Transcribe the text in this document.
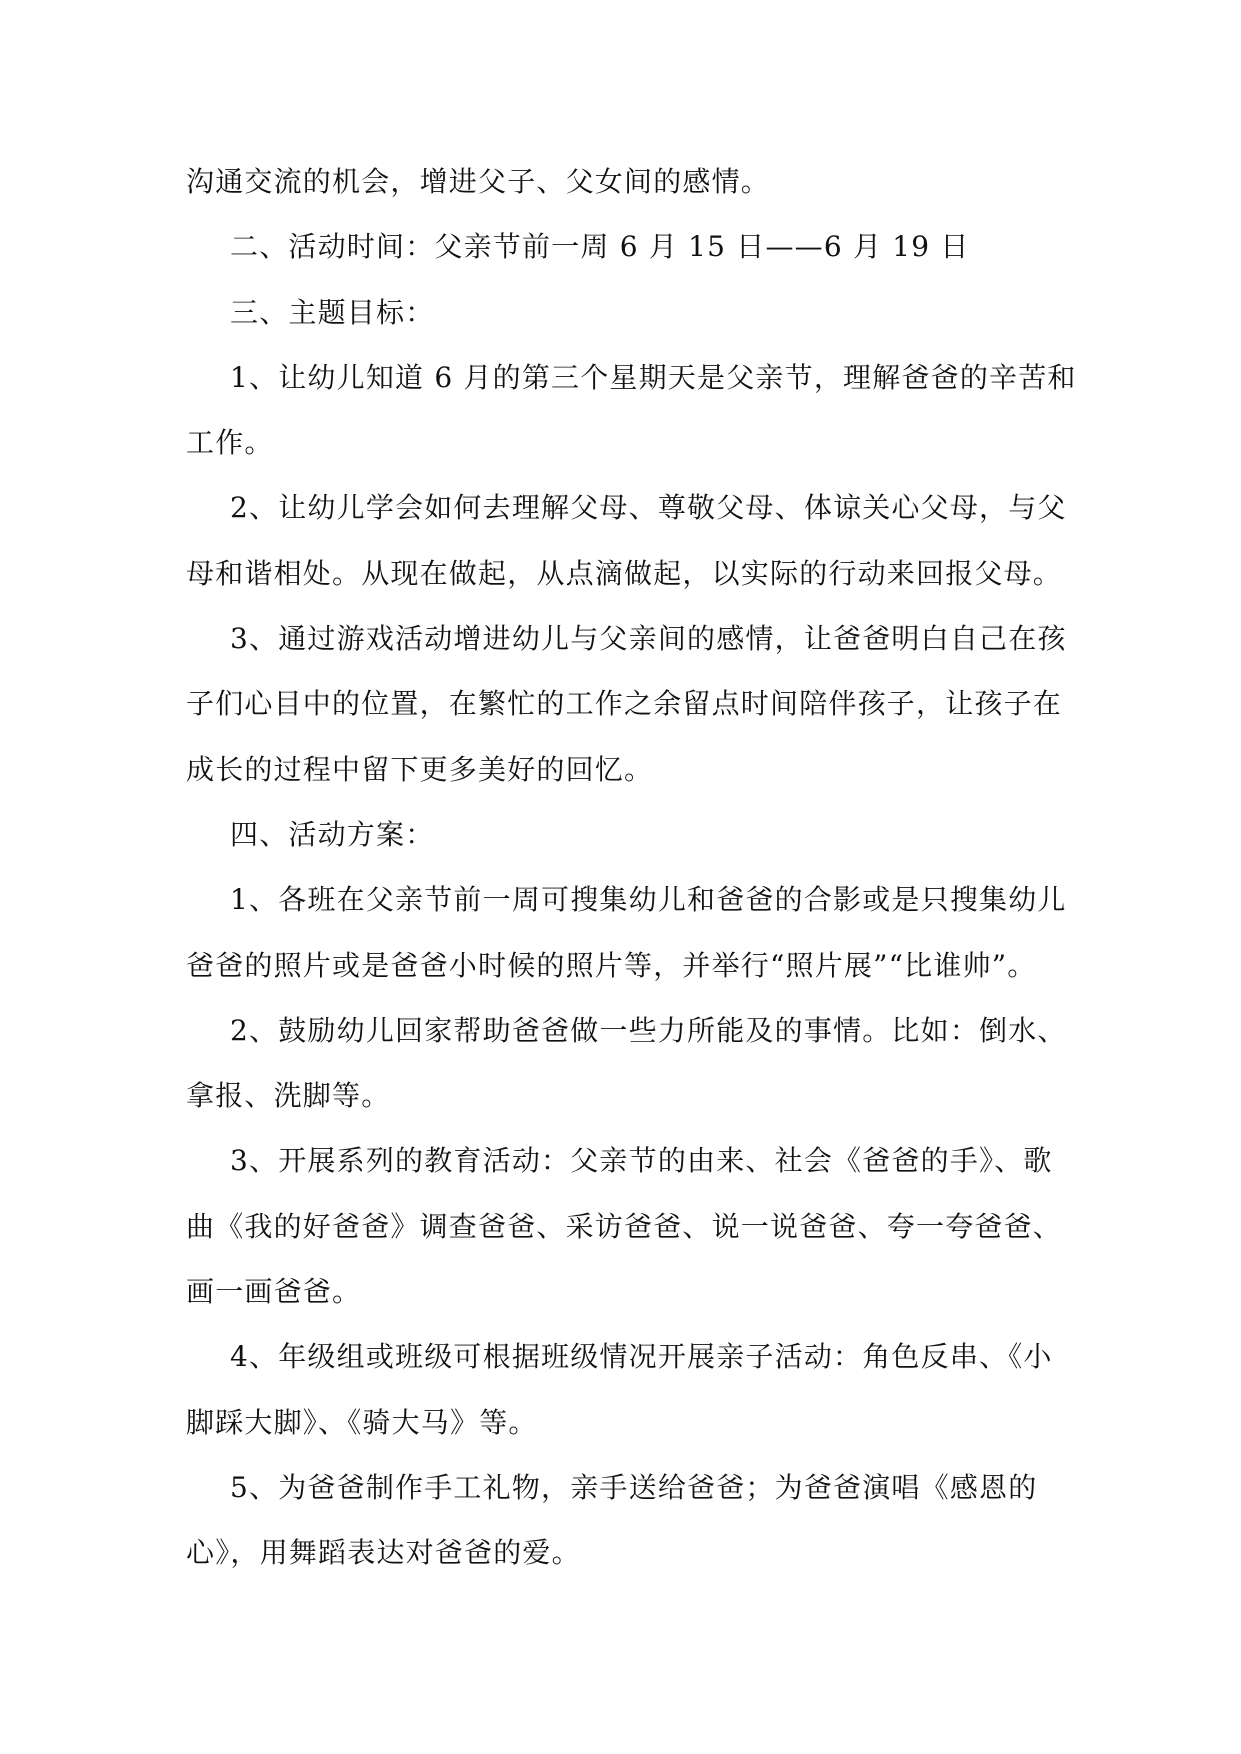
沟通交流的机会，增进父子、父女间的感情。

二、活动时间：父亲节前一周 6 月 15 日——6 月 19 日

三、主题目标：

1、让幼儿知道 6 月的第三个星期天是父亲节，理解爸爸的辛苦和

工作。

2、让幼儿学会如何去理解父母、尊敬父母、体谅关心父母，与父

母和谐相处。从现在做起，从点滴做起，以实际的行动来回报父母。

3、通过游戏活动增进幼儿与父亲间的感情，让爸爸明白自己在孩

子们心目中的位置，在繁忙的工作之余留点时间陪伴孩子，让孩子在

成长的过程中留下更多美好的回忆。

四、活动方案：

1、各班在父亲节前一周可搜集幼儿和爸爸的合影或是只搜集幼儿

爸爸的照片或是爸爸小时候的照片等，并举行“照片展”“比谁帅”。

2、鼓励幼儿回家帮助爸爸做一些力所能及的事情。比如：倒水、

拿报、洗脚等。

3、开展系列的教育活动：父亲节的由来、社会《爸爸的手》、歌

曲《我的好爸爸》调查爸爸、采访爸爸、说一说爸爸、夸一夸爸爸、

画一画爸爸。

4、年级组或班级可根据班级情况开展亲子活动：角色反串、《小

脚踩大脚》、《骑大马》等。

5、为爸爸制作手工礼物，亲手送给爸爸；为爸爸演唱《感恩的

心》，用舞蹈表达对爸爸的爱。
